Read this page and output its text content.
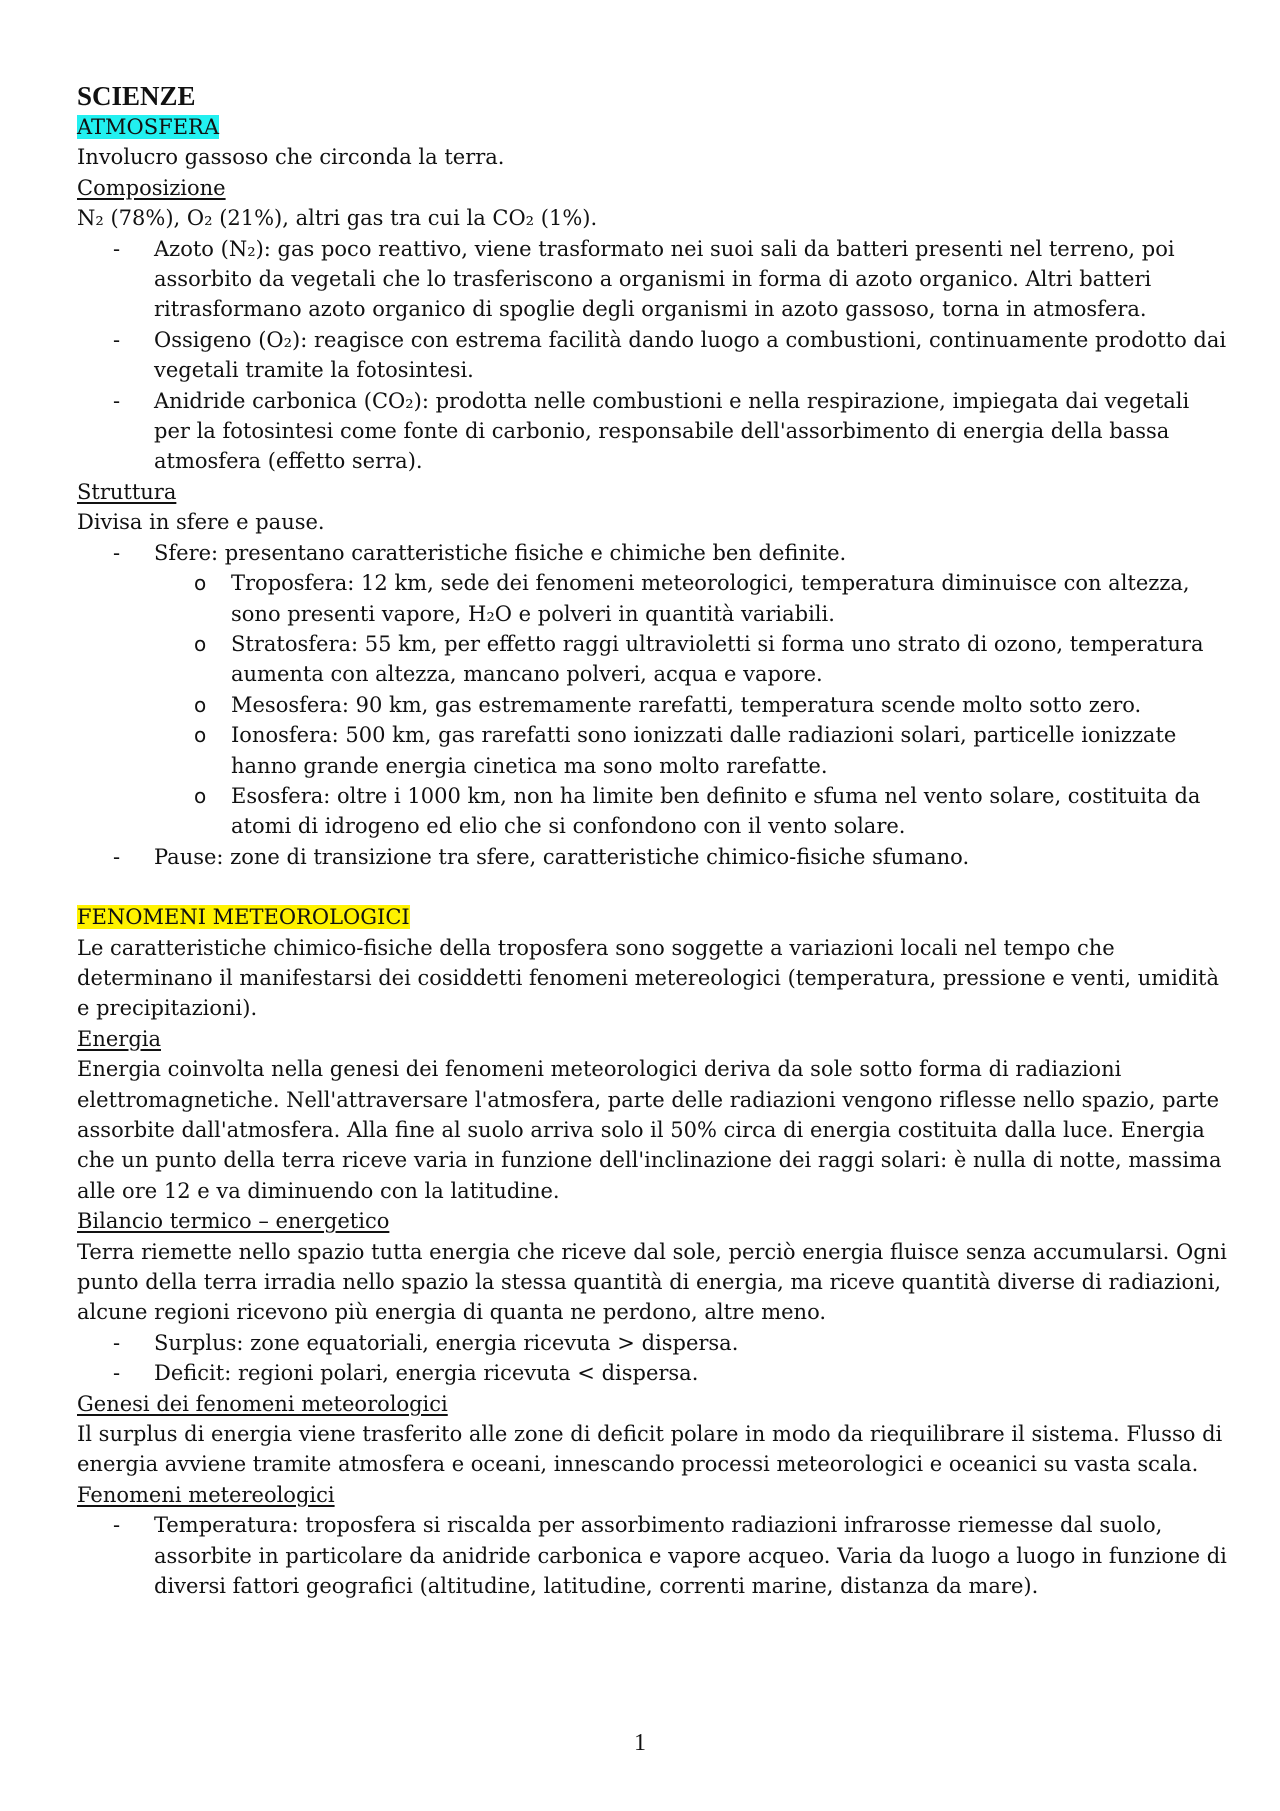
SCIENZE

ATMOSFERA

Involucro gassoso che circonda la terra.

Composizione

N₂ (78%), O₂ (21%), altri gas tra cui la CO₂ (1%).

- Azoto (N₂): gas poco reattivo, viene trasformato nei suoi sali da batteri presenti nel terreno, poi assorbito da vegetali che lo trasferiscono a organismi in forma di azoto organico. Altri batteri ritrasformano azoto organico di spoglie degli organismi in azoto gassoso, torna in atmosfera.
- Ossigeno (O₂): reagisce con estrema facilità dando luogo a combustioni, continuamente prodotto dai vegetali tramite la fotosintesi.
- Anidride carbonica (CO₂): prodotta nelle combustioni e nella respirazione, impiegata dai vegetali per la fotosintesi come fonte di carbonio, responsabile dell'assorbimento di energia della bassa atmosfera (effetto serra).

Struttura

Divisa in sfere e pause.

- Sfere: presentano caratteristiche fisiche e chimiche ben definite.
o Troposfera: 12 km, sede dei fenomeni meteorologici, temperatura diminuisce con altezza, sono presenti vapore, H₂O e polveri in quantità variabili.
o Stratosfera: 55 km, per effetto raggi ultravioletti si forma uno strato di ozono, temperatura aumenta con altezza, mancano polveri, acqua e vapore.
o Mesosfera: 90 km, gas estremamente rarefatti, temperatura scende molto sotto zero.
o Ionosfera: 500 km, gas rarefatti sono ionizzati dalle radiazioni solari, particelle ionizzate hanno grande energia cinetica ma sono molto rarefatte.
o Esosfera: oltre i 1000 km, non ha limite ben definito e sfuma nel vento solare, costituita da atomi di idrogeno ed elio che si confondono con il vento solare.
- Pause: zone di transizione tra sfere, caratteristiche chimico-fisiche sfumano.

FENOMENI METEOROLOGICI

Le caratteristiche chimico-fisiche della troposfera sono soggette a variazioni locali nel tempo che determinano il manifestarsi dei cosiddetti fenomeni metereologici (temperatura, pressione e venti, umidità e precipitazioni).

Energia

Energia coinvolta nella genesi dei fenomeni meteorologici deriva da sole sotto forma di radiazioni elettromagnetiche. Nell'attraversare l'atmosfera, parte delle radiazioni vengono riflesse nello spazio, parte assorbite dall'atmosfera. Alla fine al suolo arriva solo il 50% circa di energia costituita dalla luce. Energia che un punto della terra riceve varia in funzione dell'inclinazione dei raggi solari: è nulla di notte, massima alle ore 12 e va diminuendo con la latitudine.

Bilancio termico – energetico

Terra riemette nello spazio tutta energia che riceve dal sole, perciò energia fluisce senza accumularsi. Ogni punto della terra irradia nello spazio la stessa quantità di energia, ma riceve quantità diverse di radiazioni, alcune regioni ricevono più energia di quanta ne perdono, altre meno.

- Surplus: zone equatoriali, energia ricevuta > dispersa.
- Deficit: regioni polari, energia ricevuta < dispersa.

Genesi dei fenomeni meteorologici

Il surplus di energia viene trasferito alle zone di deficit polare in modo da riequilibrare il sistema. Flusso di energia avviene tramite atmosfera e oceani, innescando processi meteorologici e oceanici su vasta scala.

Fenomeni metereologici

- Temperatura: troposfera si riscalda per assorbimento radiazioni infrarosse riemesse dal suolo, assorbite in particolare da anidride carbonica e vapore acqueo. Varia da luogo a luogo in funzione di diversi fattori geografici (altitudine, latitudine, correnti marine, distanza da mare).
1
